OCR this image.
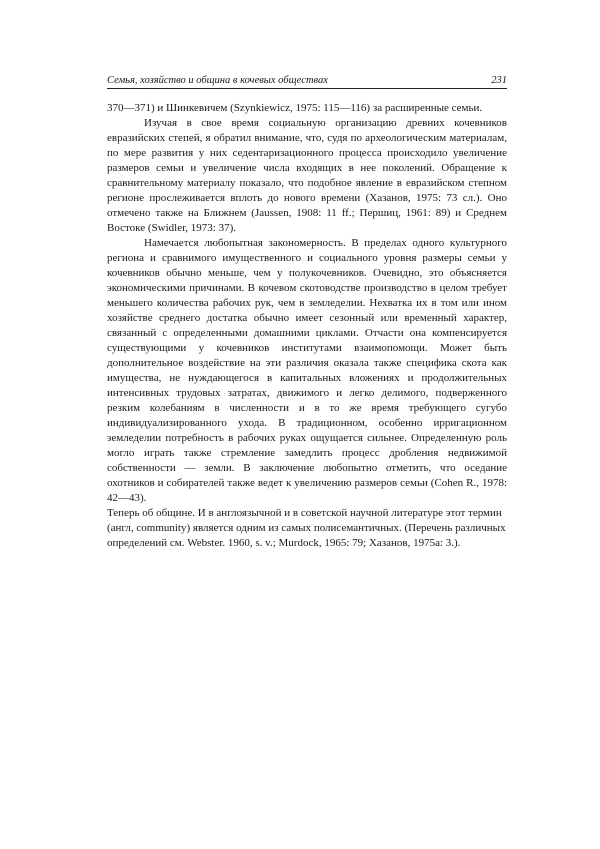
Семья, хозяйство и община в кочевых обществах	231

370—371) и Шинкевичем (Szynkiewicz, 1975: 115—116) за расширенные семьи.

Изучая в свое время социальную организацию древних кочевников евразийских степей, я обратил внимание, что, судя по археологическим материалам, по мере развития у них седентаризационного процесса происходило увеличение размеров семьи и увеличение числа входящих в нее поколений. Обращение к сравнительному материалу показало, что подобное явление в евразийском степном регионе прослеживается вплоть до нового времени (Хазанов, 1975: 73 сл.). Оно отмечено также на Ближнем (Jaussen, 1908: 11 ff.; Першиц, 1961: 89) и Среднем Востоке (Swidler, 1973: 37).

Намечается любопытная закономерность. В пределах одного культурного региона и сравнимого имущественного и социального уровня размеры семьи у кочевников обычно меньше, чем у полукочевников. Очевидно, это объясняется экономическими причинами. В кочевом скотоводстве производство в целом требует меньшего количества рабочих рук, чем в земледелии. Нехватка их в том или ином хозяйстве среднего достатка обычно имеет сезонный или временный характер, связанный с определенными домашними циклами. Отчасти она компенсируется существующими у кочевников институтами взаимопомощи. Может быть дополнительное воздействие на эти различия оказала также специфика скота как имущества, не нуждающегося в капитальных вложениях и продолжительных интенсивных трудовых затратах, движимого и легко делимого, подверженного резким колебаниям в численности и в то же время требующего сугубо индивидуализированного ухода. В традиционном, особенно ирригационном земледелии потребность в рабочих руках ощущается сильнее. Определенную роль могло играть также стремление замедлить процесс дробления недвижимой собственности — земли. В заключение любопытно отметить, что оседание охотников и собирателей также ведет к увеличению размеров семьи (Cohen R., 1978: 42—43).

Теперь об общине. И в англоязычной и в советской научной литературе этот термин (англ, community) является одним из самых полисемантичных. (Перечень различных определений см. Webster. 1960, s. v.; Murdock, 1965: 79; Хазанов, 1975a: 3.).
